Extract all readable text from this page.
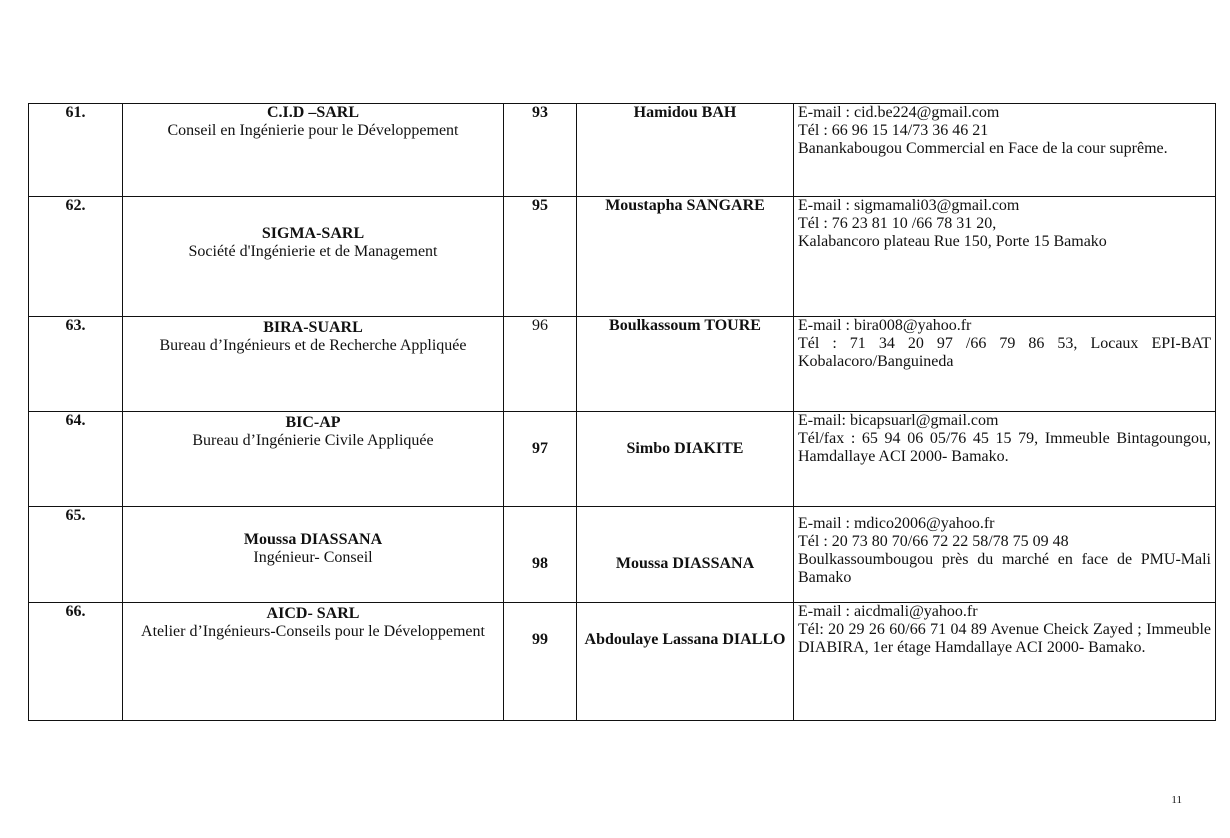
61.	C.I.D –SARL
Conseil en Ingénierie pour le Développement	93	Hamidou BAH	E-mail : cid.be224@gmail.com
Tél : 66 96 15 14/73 36 46 21
Banankabougou Commercial en Face de la cour suprême.

62.	SIGMA-SARL
Société d'Ingénierie et de Management	95	Moustapha SANGARE	E-mail : sigmamali03@gmail.com
Tél : 76 23 81 10 /66 78 31 20,
Kalabancoro plateau Rue 150, Porte 15 Bamako

63.	BIRA-SUARL
Bureau d’Ingénieurs et de Recherche Appliquée	96	Boulkassoum TOURE	E-mail : bira008@yahoo.fr
Tél : 71 34 20 97 /66 79 86 53, Locaux EPI-BAT Kobalacoro/Banguineda

64.	BIC-AP
Bureau d’Ingénierie Civile Appliquée	97	Simbo DIAKITE	E-mail: bicapsuarl@gmail.com
Tél/fax : 65 94 06 05/76 45 15 79, Immeuble Bintagoungou, Hamdallaye ACI 2000- Bamako.

65.	Moussa DIASSANA
Ingénieur- Conseil	98	Moussa DIASSANA	E-mail : mdico2006@yahoo.fr
Tél : 20 73 80 70/66 72 22 58/78 75 09 48
Boulkassoumbougou près du marché en face de PMU-Mali Bamako

66.	AICD- SARL
Atelier d’Ingénieurs-Conseils pour le Développement	99	Abdoulaye Lassana DIALLO	E-mail : aicdmali@yahoo.fr
Tél: 20 29 26 60/66 71 04 89 Avenue Cheick Zayed ; Immeuble DIABIRA, 1er étage Hamdallaye ACI 2000- Bamako.
11
